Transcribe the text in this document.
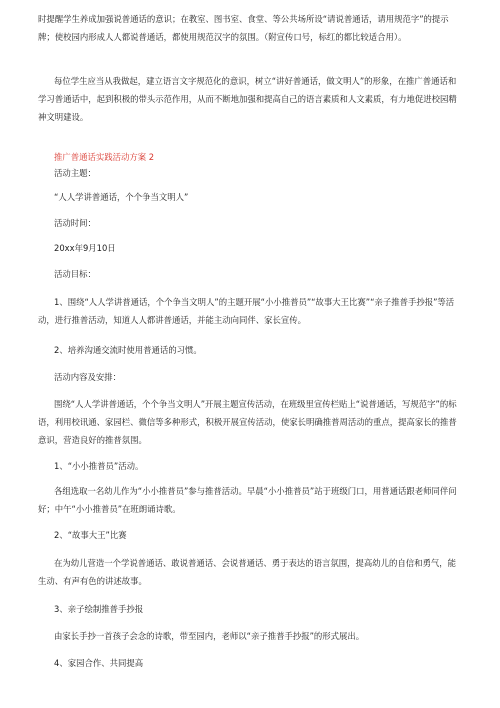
时提醒学生养成加强说普通话的意识；在教室、图书室、食堂、等公共场所设“请说普通话，请用规范字”的提示牌；使校园内形成人人都说普通话，都使用规范汉字的氛围。（附宣传口号，标红的都比较适合用）。

每位学生应当从我做起，建立语言文字规范化的意识，树立“讲好普通话，做文明人”的形象，在推广普通话和学习普通话中，起到积极的带头示范作用，从而不断地加强和提高自己的语言素质和人文素质，有力地促进校园精神文明建设。

推广普通话实践活动方案 2

活动主题：

“人人学讲普通话，个个争当文明人”

活动时间：

20xx年9月10日

活动目标：

1、围绕“人人学讲普通话，个个争当文明人”的主题开展“小小推普员”“故事大王比赛”“亲子推普手抄报”等活动，进行推普活动，知道人人都讲普通话，并能主动向同伴、家长宣传。

2、培养沟通交流时使用普通话的习惯。

活动内容及安排：

围绕“人人学讲普通话，个个争当文明人”开展主题宣传活动，在班级里宣传栏贴上“说普通话，写规范字”的标语，利用校讯通、家园栏、微信等多种形式，积极开展宣传活动，使家长明确推普周活动的重点，提高家长的推普意识，营造良好的推普氛围。

1、“小小推普员”活动。

各组选取一名幼儿作为“小小推普员”参与推普活动。早晨“小小推普员”站于班级门口，用普通话跟老师同伴问好；中午“小小推普员”在班朗诵诗歌。

2、“故事大王”比赛

在为幼儿营造一个学说普通话、敢说普通话、会说普通话、勇于表达的语言氛围，提高幼儿的自信和勇气，能生动、有声有色的讲述故事。

3、亲子绘制推普手抄报

由家长手抄一首孩子会念的诗歌，带至园内，老师以“亲子推普手抄报”的形式展出。

4、家园合作、共同提高
